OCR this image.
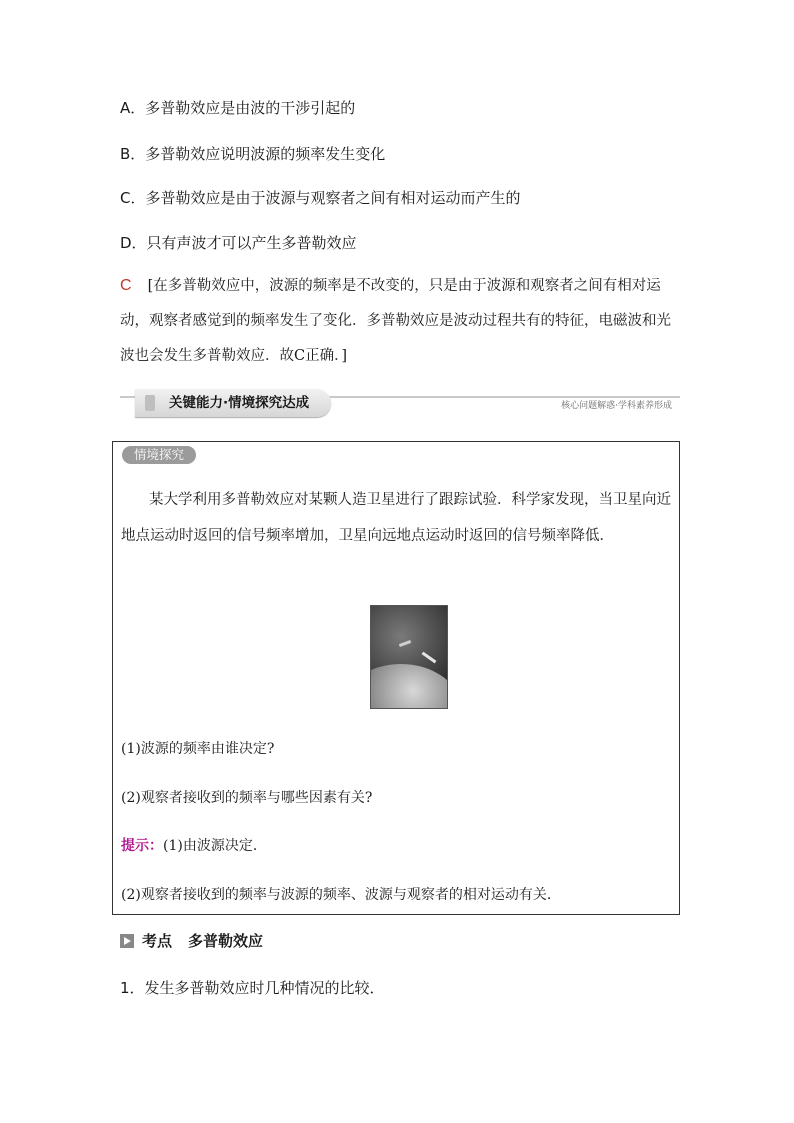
A．多普勒效应是由波的干涉引起的
B．多普勒效应说明波源的频率发生变化
C．多普勒效应是由于波源与观察者之间有相对运动而产生的
D．只有声波才可以产生多普勒效应
C [在多普勒效应中，波源的频率是不改变的，只是由于波源和观察者之间有相对运动，观察者感觉到的频率发生了变化．多普勒效应是波动过程共有的特征，电磁波和光波也会发生多普勒效应．故C正确．]
关键能力·情境探究达成	核心问题解惑·学科素养形成
情境探究
某大学利用多普勒效应对某颗人造卫星进行了跟踪试验．科学家发现，当卫星向近地点运动时返回的信号频率增加，卫星向远地点运动时返回的信号频率降低．
(1)波源的频率由谁决定?
(2)观察者接收到的频率与哪些因素有关?
提示：(1)由波源决定．
(2)观察者接收到的频率与波源的频率、波源与观察者的相对运动有关．
考点 多普勒效应
1．发生多普勒效应时几种情况的比较．
